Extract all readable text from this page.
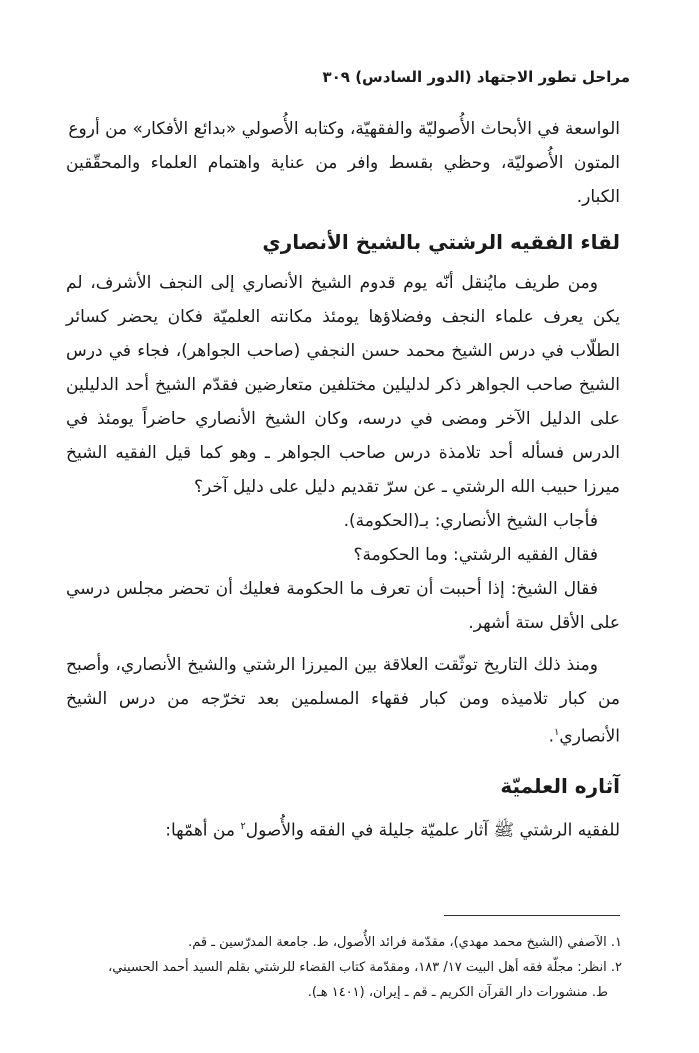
مراحل تطور الاجتهاد (الدور السادس) ٣٠٩

الواسعة في الأبحاث الأُصوليّة والفقهيّة، وكتابه الأُصولي «بدائع الأفكار» من أروع

المتون الأُصوليّة، وحظي بقسط وافر من عناية واهتمام العلماء والمحقّقين الكبار.

لقاء الفقيه الرشتي بالشيخ الأنصاري

ومن طريف مايُنقل أنّه يوم قدوم الشيخ الأنصاري إلى النجف الأشرف، لم يكن يعرف علماء النجف وفضلاؤها يومئذ مكانته العلميّة فكان يحضر كسائر الطلّاب في درس الشيخ محمد حسن النجفي (صاحب الجواهر)، فجاء في درس الشيخ صاحب الجواهر ذكر لدليلين مختلفين متعارضين فقدّم الشيخ أحد الدليلين على الدليل الآخر ومضى في درسه، وكان الشيخ الأنصاري حاضراً يومئذ في الدرس فسأله أحد تلامذة درس صاحب الجواهر ـ وهو كما قيل الفقيه الشيخ ميرزا حبيب الله الرشتي ـ عن سرّ تقديم دليل على دليل آخر؟

فأجاب الشيخ الأنصاري: بـ(الحكومة).

فقال الفقيه الرشتي: وما الحكومة؟

فقال الشيخ: إذا أحببت أن تعرف ما الحكومة فعليك أن تحضر مجلس درسي على الأقل ستة أشهر.

ومنذ ذلك التاريخ توثّقت العلاقة بين الميرزا الرشتي والشيخ الأنصاري، وأصبح من كبار تلاميذه ومن كبار فقهاء المسلمين بعد تخرّجه من درس الشيخ الأنصاري$^١$.

آثاره العلميّة

للفقيه الرشتي ﷺ آثار علميّة جليلة في الفقه والأُصول$^٢$ من أهمّها:

١. الآصفي (الشيخ محمد مهدي)، مقدّمة فرائد الأُصول، ط. جامعة المدرّسين ـ قم.

٢. انظر: مجلّة فقه أهل البيت ١٧/ ١٨٣، ومقدّمة كتاب القضاء للرشتي بقلم السيد أحمد الحسيني،

ط. منشورات دار القرآن الكريم ـ قم ـ إيران، (١٤٠١ هـ).
